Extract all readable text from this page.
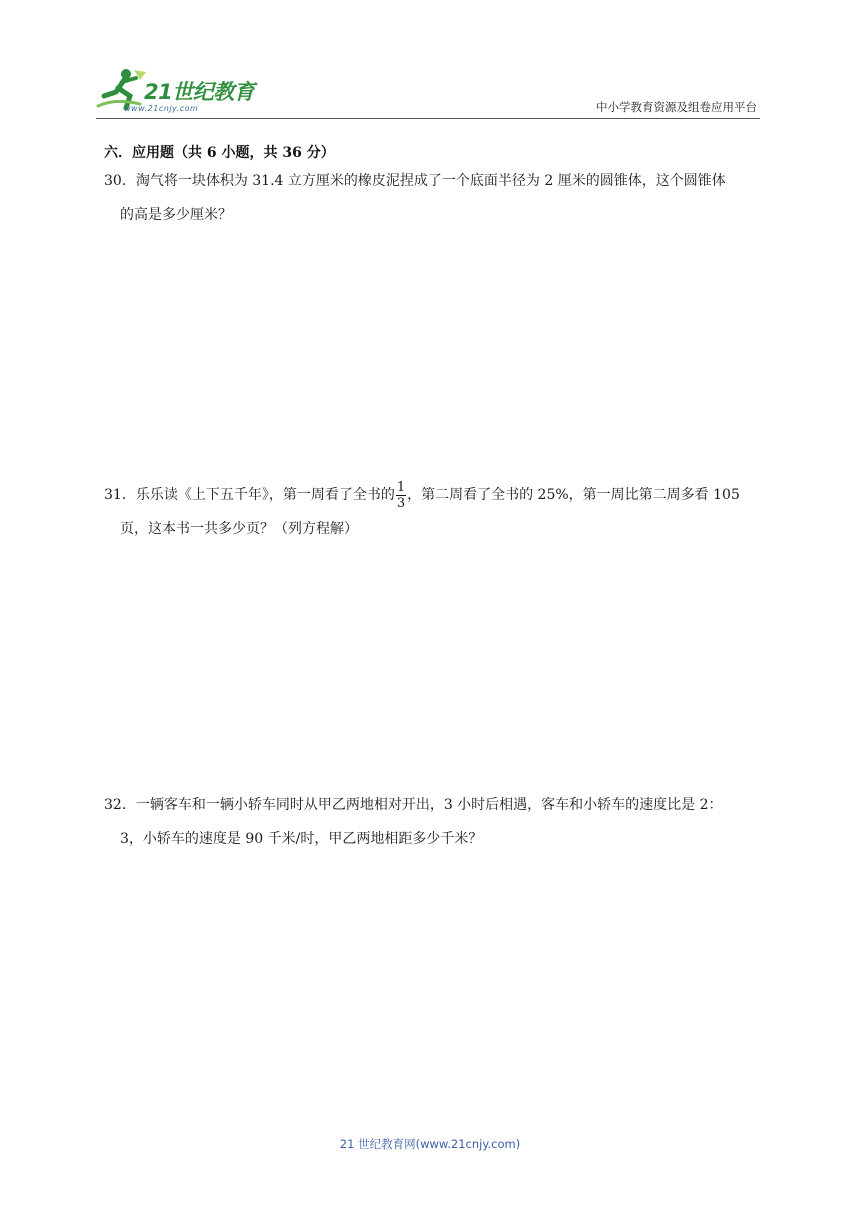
21世纪教育
www.21cnjy.com	中小学教育资源及组卷应用平台
六．应用题（共 6 小题，共 36 分）
30．淘气将一块体积为 31.4 立方厘米的橡皮泥捏成了一个底面半径为 2 厘米的圆锥体，这个圆锥体
的高是多少厘米？
31．乐乐读《上下五千年》，第一周看了全书的 $\frac{1}{3}$ ，第二周看了全书的 25%，第一周比第二周多看 105
页，这本书一共多少页？（列方程解）
32．一辆客车和一辆小轿车同时从甲乙两地相对开出，3 小时后相遇，客车和小轿车的速度比是 2：
3，小轿车的速度是 90 千米/时，甲乙两地相距多少千米？
21 世纪教育网(www.21cnjy.com)
